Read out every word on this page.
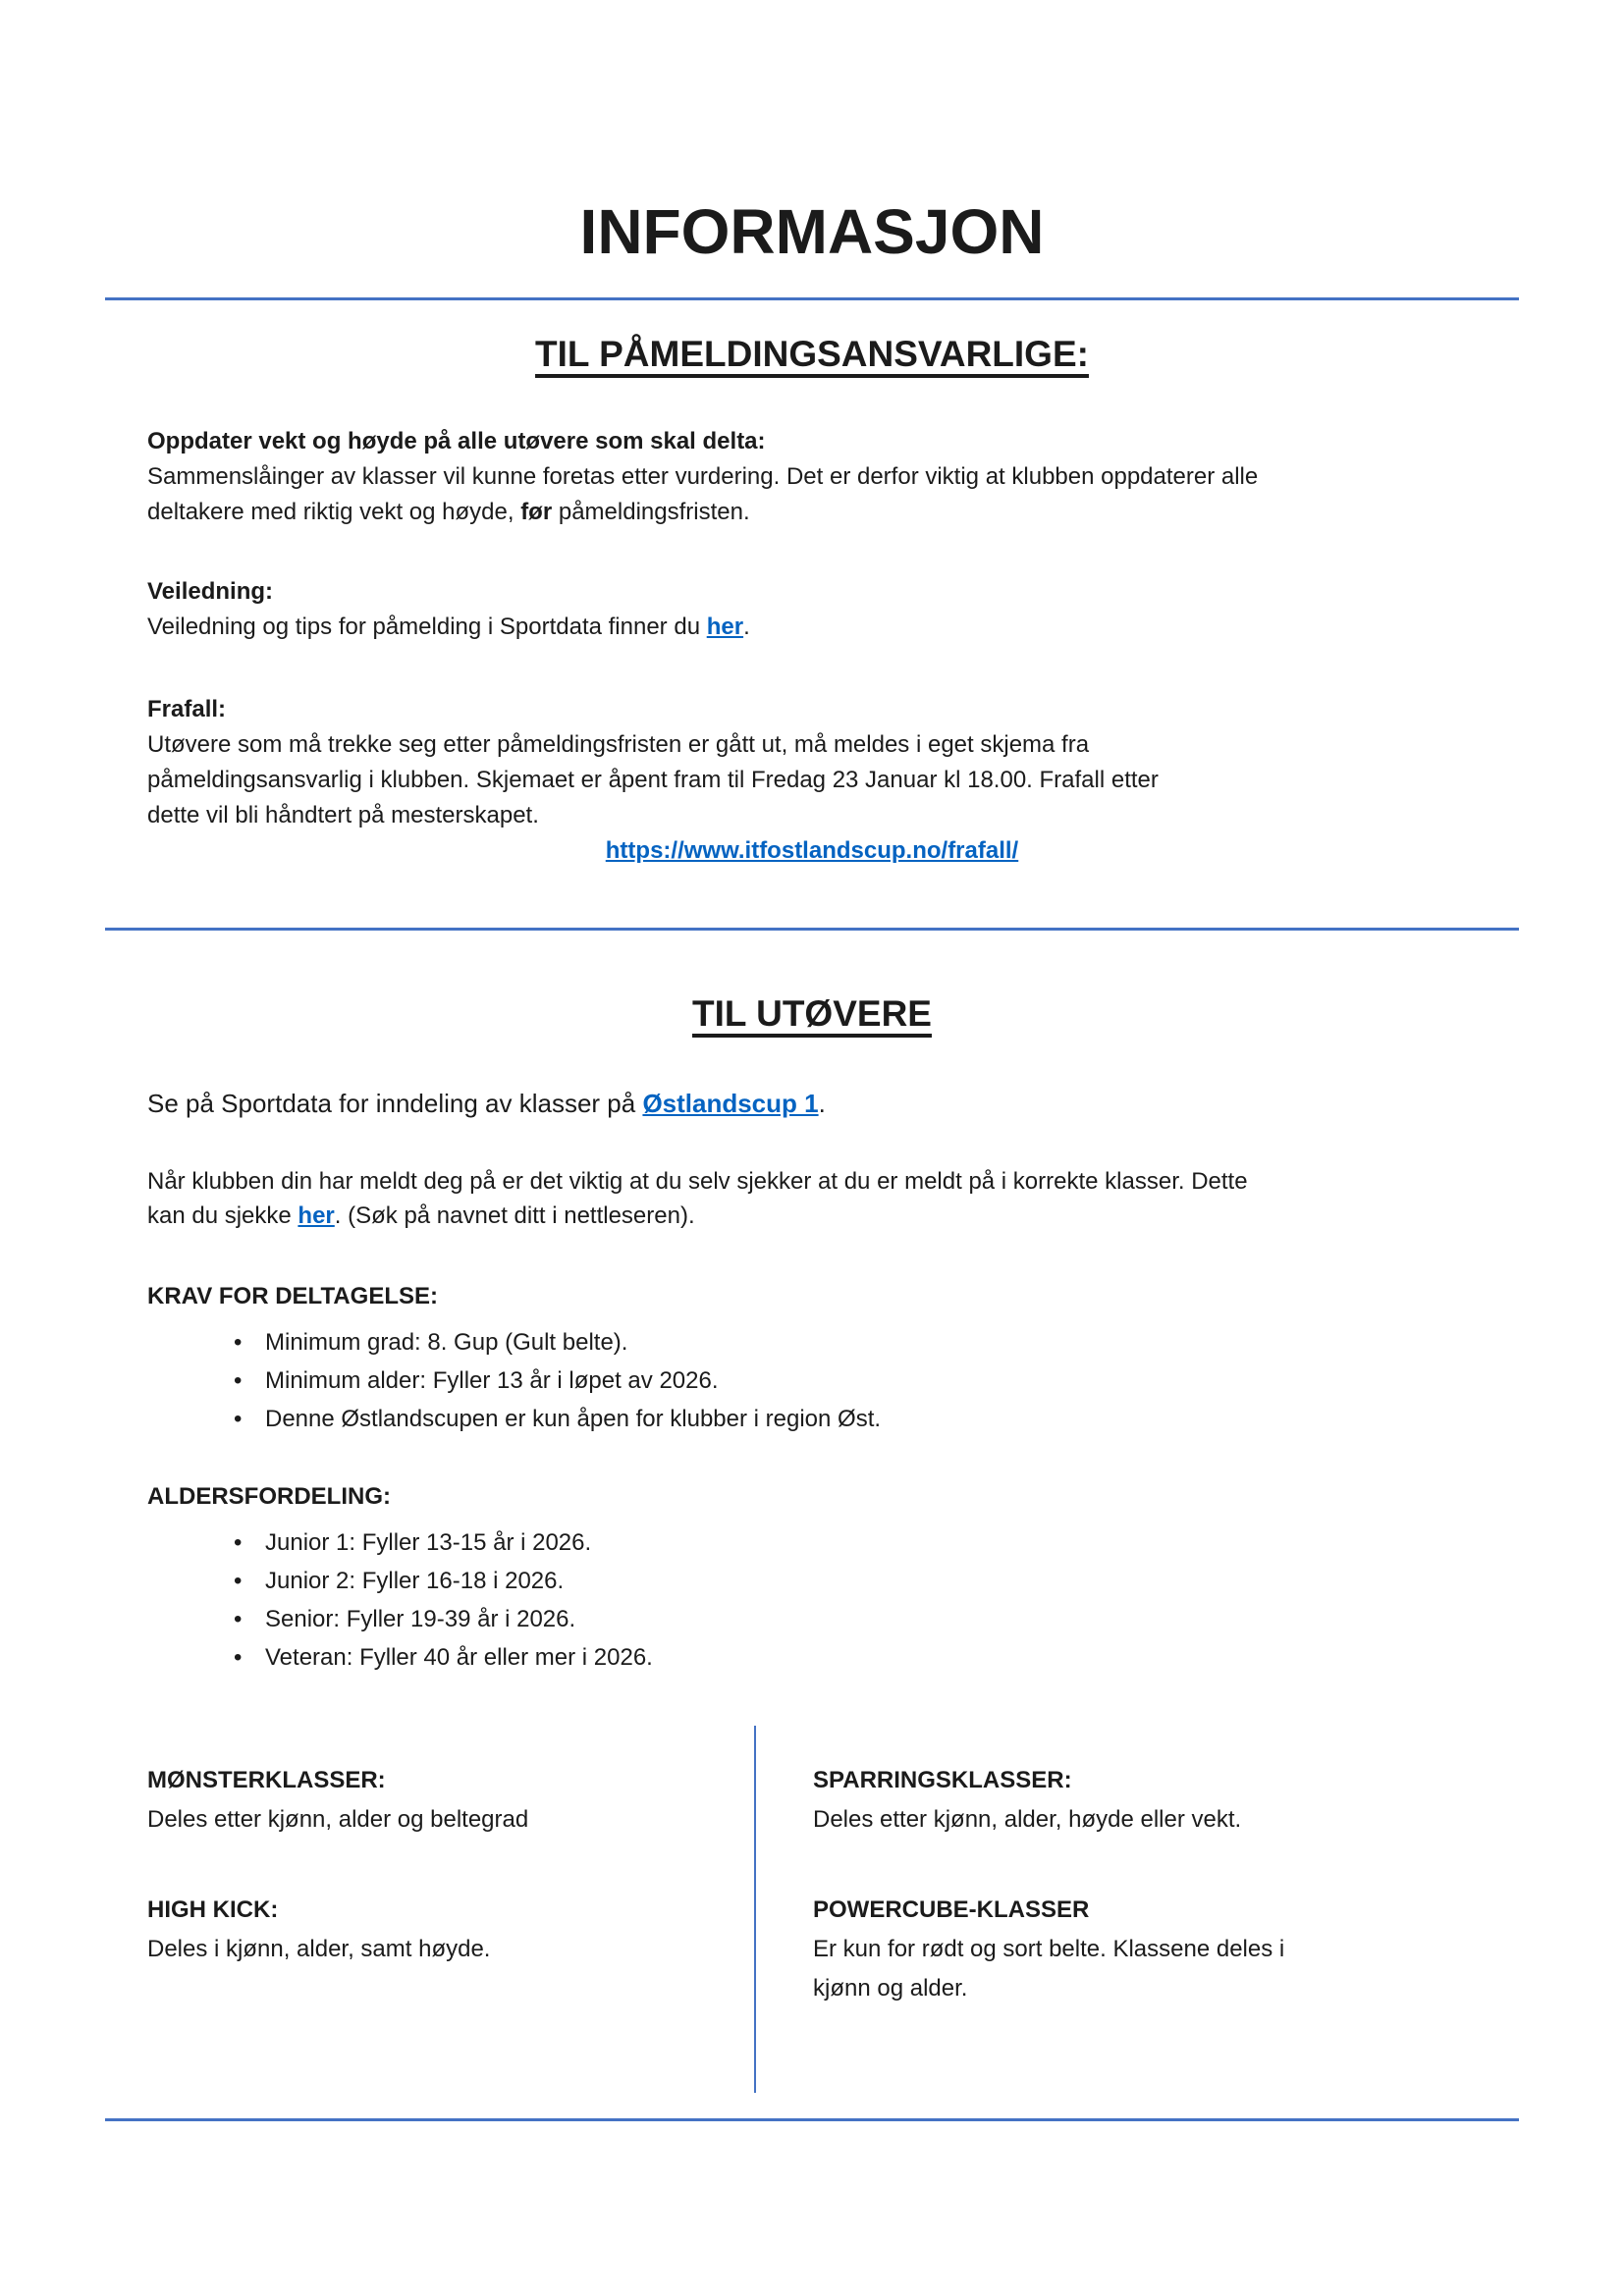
INFORMASJON
TIL PÅMELDINGSANSVARLIGE:
Oppdater vekt og høyde på alle utøvere som skal delta:
Sammenslåinger av klasser vil kunne foretas etter vurdering. Det er derfor viktig at klubben oppdaterer alle
deltakere med riktig vekt og høyde, før påmeldingsfristen.
Veiledning:
Veiledning og tips for påmelding i Sportdata finner du her.
Frafall:
Utøvere som må trekke seg etter påmeldingsfristen er gått ut, må meldes i eget skjema fra
påmeldingsansvarlig i klubben. Skjemaet er åpent fram til Fredag 23 Januar kl 18.00. Frafall etter
dette vil bli håndtert på mesterskapet.
https://www.itfostlandscup.no/frafall/
TIL UTØVERE
Se på Sportdata for inndeling av klasser på Østlandscup 1.
Når klubben din har meldt deg på er det viktig at du selv sjekker at du er meldt på i korrekte klasser. Dette
kan du sjekke her. (Søk på navnet ditt i nettleseren).
KRAV FOR DELTAGELSE:
• Minimum grad: 8. Gup (Gult belte).
• Minimum alder: Fyller 13 år i løpet av 2026.
• Denne Østlandscupen er kun åpen for klubber i region Øst.
ALDERSFORDELING:
• Junior 1: Fyller 13-15 år i 2026.
• Junior 2: Fyller 16-18 i 2026.
• Senior: Fyller 19-39 år i 2026.
• Veteran: Fyller 40 år eller mer i 2026.
MØNSTERKLASSER:
Deles etter kjønn, alder og beltegrad
HIGH KICK:
Deles i kjønn, alder, samt høyde.
SPARRINGSKLASSER:
Deles etter kjønn, alder, høyde eller vekt.
POWERCUBE-KLASSER
Er kun for rødt og sort belte. Klassene deles i
kjønn og alder.
